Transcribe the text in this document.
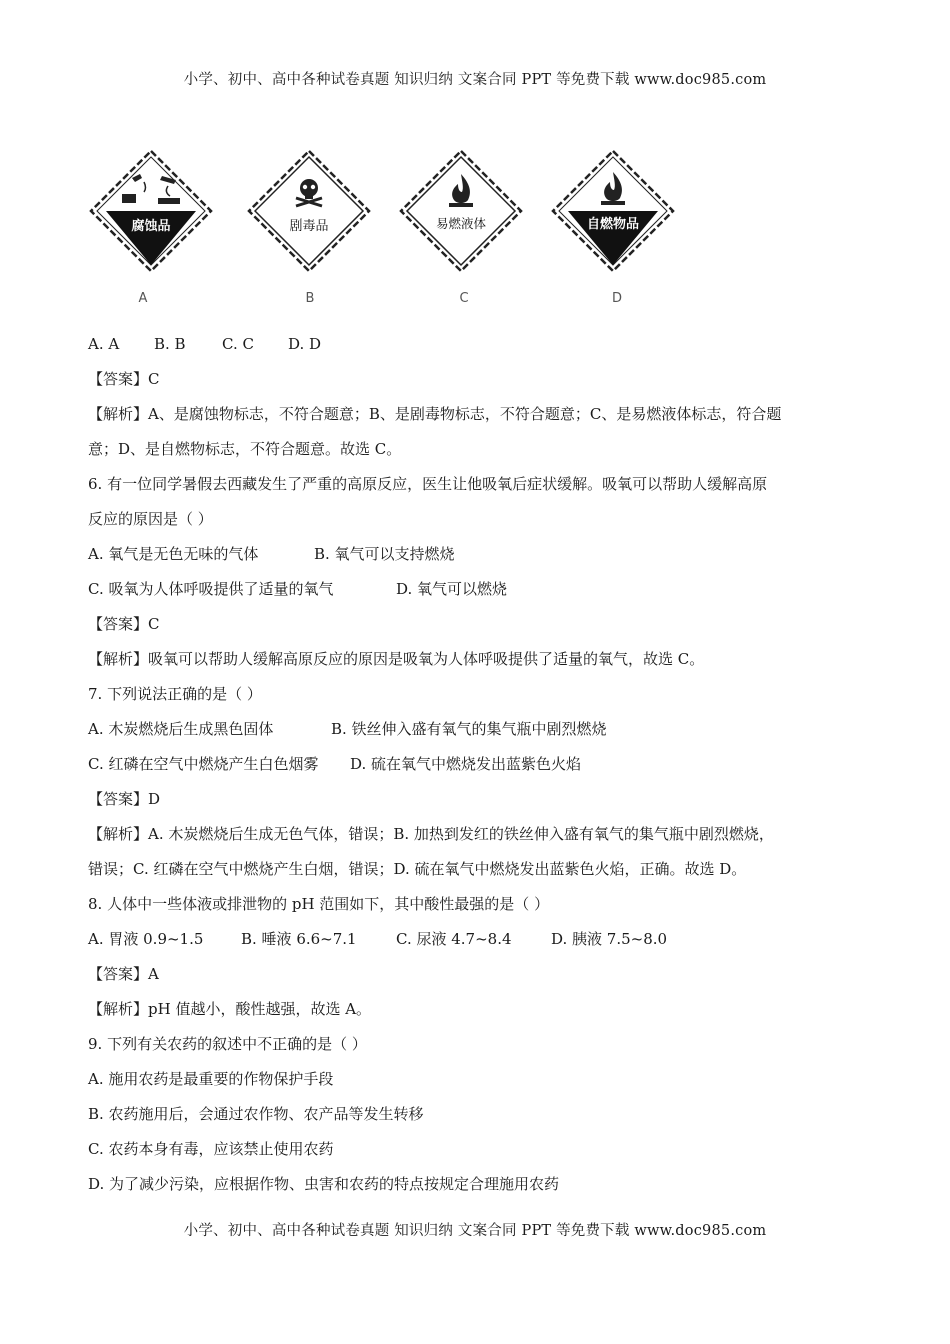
小学、初中、高中各种试卷真题 知识归纳 文案合同 PPT 等免费下载 www.doc985.com
腐蚀品	剧毒品	易燃液体	自燃物品
A	B	C	D
A. A B. B C. C D. D
【答案】C
【解析】A、是腐蚀物标志，不符合题意；B、是剧毒物标志，不符合题意；C、是易燃液体标志，符合题
意；D、是自燃物标志，不符合题意。故选 C。
6. 有一位同学暑假去西藏发生了严重的高原反应，医生让他吸氧后症状缓解。吸氧可以帮助人缓解高原
反应的原因是（ ）
A. 氧气是无色无味的气体	B. 氧气可以支持燃烧
C. 吸氧为人体呼吸提供了适量的氧气	D. 氧气可以燃烧
【答案】C
【解析】吸氧可以帮助人缓解高原反应的原因是吸氧为人体呼吸提供了适量的氧气，故选 C。
7. 下列说法正确的是（ ）
A. 木炭燃烧后生成黑色固体	B. 铁丝伸入盛有氧气的集气瓶中剧烈燃烧
C. 红磷在空气中燃烧产生白色烟雾 D. 硫在氧气中燃烧发出蓝紫色火焰
【答案】D
【解析】A. 木炭燃烧后生成无色气体，错误；B. 加热到发红的铁丝伸入盛有氧气的集气瓶中剧烈燃烧，
错误；C. 红磷在空气中燃烧产生白烟，错误；D. 硫在氧气中燃烧发出蓝紫色火焰，正确。故选 D。
8. 人体中一些体液或排泄物的 pH 范围如下，其中酸性最强的是（ ）
A. 胃液 0.9~1.5	B. 唾液 6.6~7.1	C. 尿液 4.7~8.4	D. 胰液 7.5~8.0
【答案】A
【解析】pH 值越小，酸性越强，故选 A。
9. 下列有关农药的叙述中不正确的是（ ）
A. 施用农药是最重要的作物保护手段
B. 农药施用后，会通过农作物、农产品等发生转移
C. 农药本身有毒，应该禁止使用农药
D. 为了减少污染，应根据作物、虫害和农药的特点按规定合理施用农药
小学、初中、高中各种试卷真题 知识归纳 文案合同 PPT 等免费下载 www.doc985.com
